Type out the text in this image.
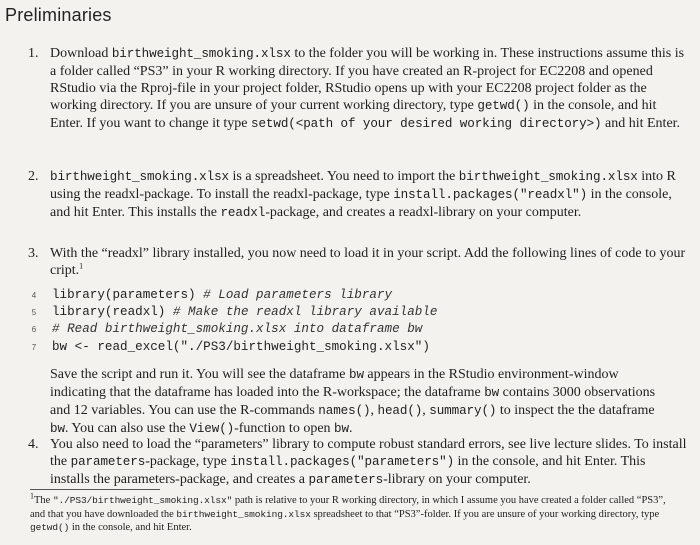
Preliminaries
1. Download birthweight_smoking.xlsx to the folder you will be working in. These instructions assume this is a folder called “PS3” in your R working directory. If you have created an R-project for EC2208 and opened RStudio via the Rproj-file in your project folder, RStudio opens up with your EC2208 project folder as the working directory. If you are unsure of your current working directory, type getwd() in the console, and hit Enter. If you want to change it type setwd(<path of your desired working directory>) and hit Enter.

2. birthweight_smoking.xlsx is a spreadsheet. You need to import the birthweight_smoking.xlsx into R using the readxl-package. To install the readxl-package, type install.packages("readxl") in the console, and hit Enter. This installs the readxl-package, and creates a readxl-library on your computer.

3. With the “readxl” library installed, you now need to load it in your script. Add the following lines of code to your cript.$^1$

4

	library(parameters) # Load parameters library

5

	library(readxl) # Make the readxl library available

6

	# Read birthweight_smoking.xlsx into dataframe bw

7

	bw <- read_excel("./PS3/birthweight_smoking.xlsx")

Save the script and run it. You will see the dataframe bw appears in the RStudio environment-window indicating that the dataframe has loaded into the R-workspace; the dataframe bw contains 3000 observations and 12 variables. You can use the R-commands names(), head(), summary() to inspect the the dataframe bw. You can also use the View()-function to open bw.
4. You also need to load the “parameters” library to compute robust standard errors, see live lecture slides. To install the parameters-package, type install.packages("parameters") in the console, and hit Enter. This installs the parameters-package, and creates a parameters-library on your computer.

$^1$The "./PS3/birthweight_smoking.xlsx" path is relative to your R working directory, in which I assume you have created a folder called “PS3”, and that you have downloaded the birthweight_smoking.xlsx spreadsheet to that “PS3”-folder. If you are unsure of your working directory, type getwd() in the console, and hit Enter.
